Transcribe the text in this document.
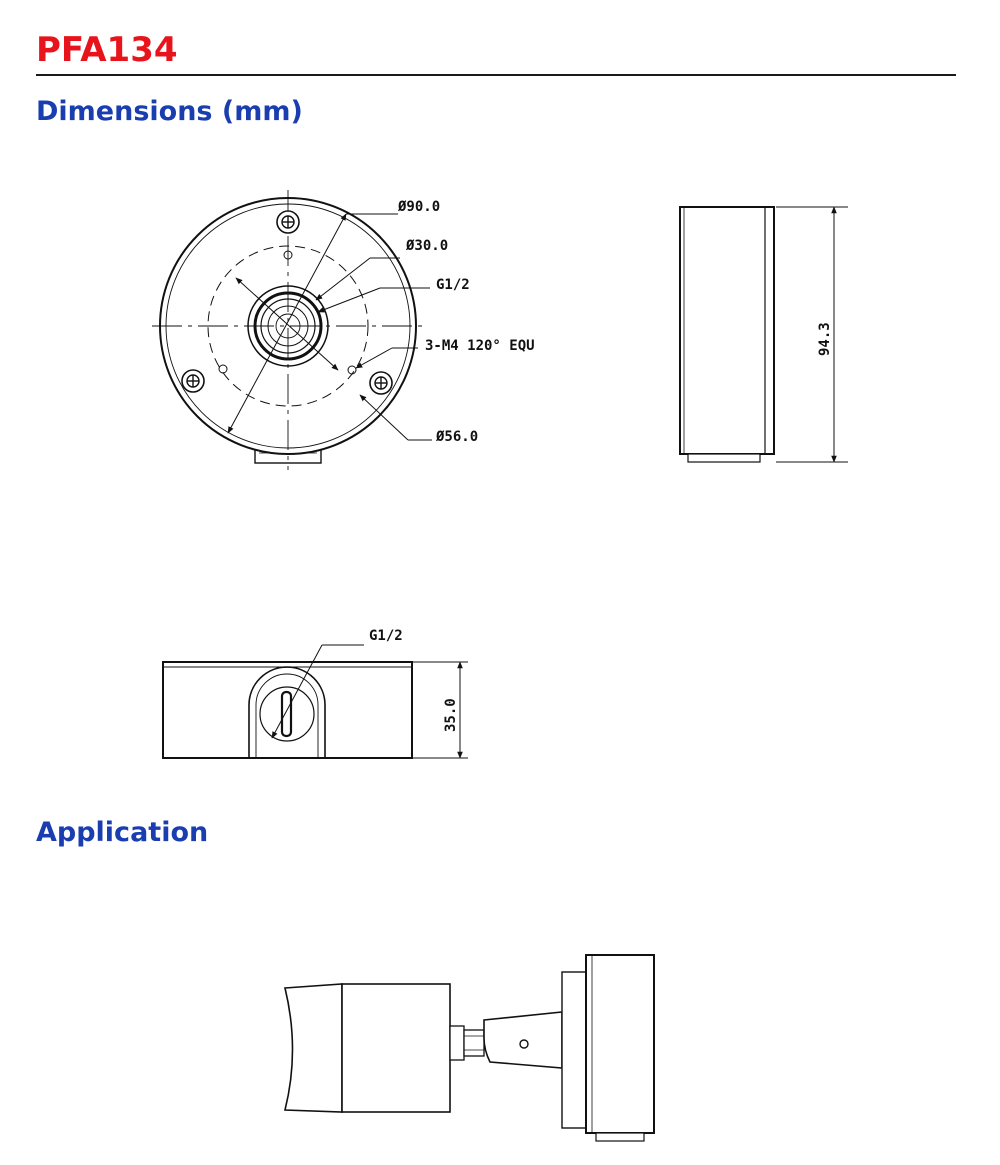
PFA134
Dimensions (mm)
Application
Ø90.0
Ø30.0
G1/2
3-M4 120° EQU
Ø56.0
94.3
G1/2
35.0
